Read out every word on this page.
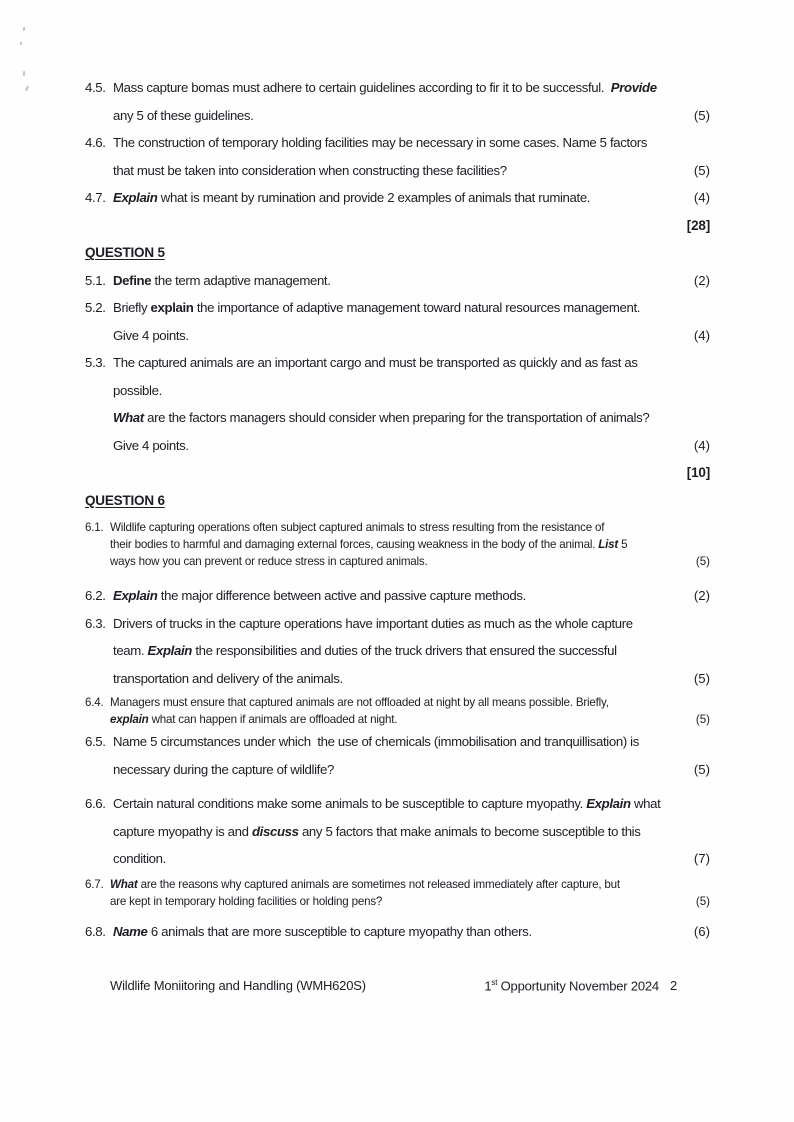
4.5. Mass capture bomas must adhere to certain guidelines according to fir it to be successful.  Provide
any 5 of these guidelines.	(5)
4.6. The construction of temporary holding facilities may be necessary in some cases. Name 5 factors
that must be taken into consideration when constructing these facilities?	(5)
4.7. Explain what is meant by rumination and provide 2 examples of animals that ruminate.	(4)
[28]
QUESTION 5
5.1. Define the term adaptive management.	(2)
5.2. Briefly explain the importance of adaptive management toward natural resources management.
Give 4 points.	(4)
5.3. The captured animals are an important cargo and must be transported as quickly and as fast as
possible.
What are the factors managers should consider when preparing for the transportation of animals?
Give 4 points.	(4)
[10]
QUESTION 6
6.1. Wildlife capturing operations often subject captured animals to stress resulting from the resistance of
their bodies to harmful and damaging external forces, causing weakness in the body of the animal. List 5
ways how you can prevent or reduce stress in captured animals.	(5)
6.2. Explain the major difference between active and passive capture methods.	(2)
6.3. Drivers of trucks in the capture operations have important duties as much as the whole capture
team. Explain the responsibilities and duties of the truck drivers that ensured the successful
transportation and delivery of the animals.	(5)
6.4. Managers must ensure that captured animals are not offloaded at night by all means possible. Briefly,
explain what can happen if animals are offloaded at night.	(5)
6.5. Name 5 circumstances under which  the use of chemicals (immobilisation and tranquillisation) is
necessary during the capture of wildlife?	(5)
6.6. Certain natural conditions make some animals to be susceptible to capture myopathy. Explain what
capture myopathy is and discuss any 5 factors that make animals to become susceptible to this
condition.	(7)
6.7. What are the reasons why captured animals are sometimes not released immediately after capture, but
are kept in temporary holding facilities or holding pens?	(5)
6.8. Name 6 animals that are more susceptible to capture myopathy than others.	(6)
Wildlife Moniitoring and Handling (WMH620S)	1st Opportunity November 2024 2
